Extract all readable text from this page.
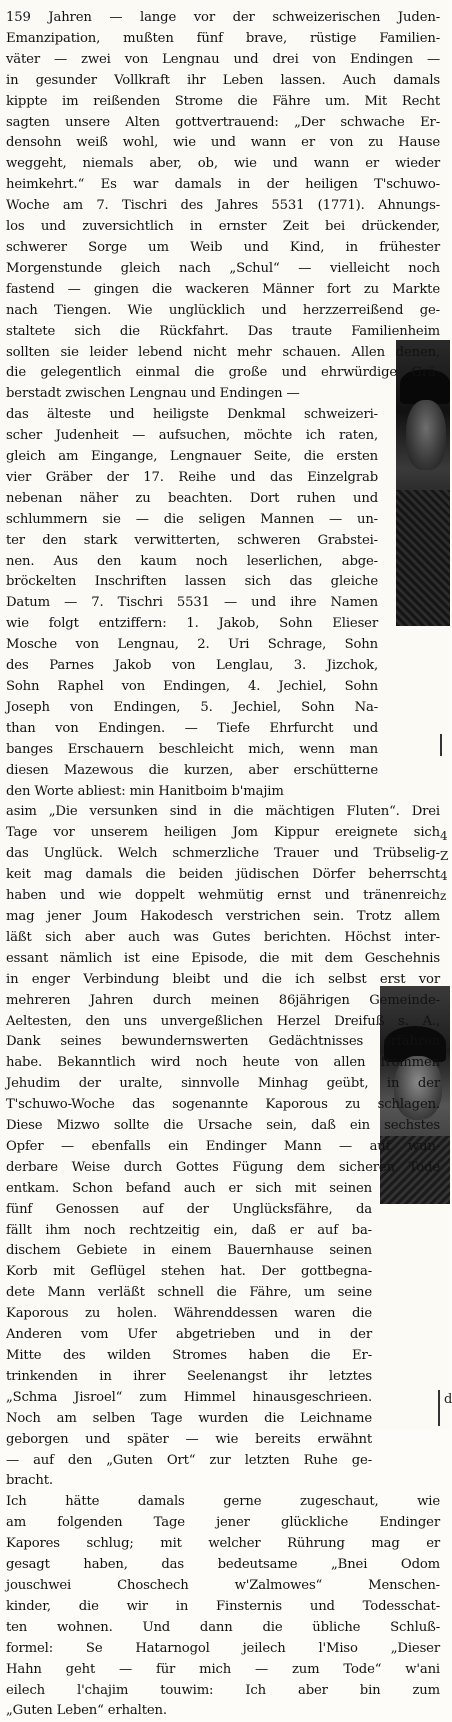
4
Z
4
z
d
159 Jahren — lange vor der schweizerischen Juden-
Emanzipation, mußten fünf brave, rüstige Familien-
väter — zwei von Lengnau und drei von Endingen —
in gesunder Vollkraft ihr Leben lassen. Auch damals
kippte im reißenden Strome die Fähre um. Mit Recht
sagten unsere Alten gottvertrauend: „Der schwache Er-
densohn weiß wohl, wie und wann er von zu Hause
weggeht, niemals aber, ob, wie und wann er wieder
heimkehrt.“ Es war damals in der heiligen T'schuwo-
Woche am 7. Tischri des Jahres 5531 (1771). Ahnungs-
los und zuversichtlich in ernster Zeit bei drückender,
schwerer Sorge um Weib und Kind, in frühester
Morgenstunde gleich nach „Schul“ — vielleicht noch
fastend — gingen die wackeren Männer fort zu Markte
nach Tiengen. Wie unglücklich und herzzerreißend ge-
staltete sich die Rückfahrt. Das traute Familienheim
sollten sie leider lebend nicht mehr schauen. Allen denen,
die gelegentlich einmal die große und ehrwürdige Grä-
berstadt zwischen Lengnau und Endingen —
das älteste und heiligste Denkmal schweizeri-
scher Judenheit — aufsuchen, möchte ich raten,
gleich am Eingange, Lengnauer Seite, die ersten
vier Gräber der 17. Reihe und das Einzelgrab
nebenan näher zu beachten. Dort ruhen und
schlummern sie — die seligen Mannen — un-
ter den stark verwitterten, schweren Grabstei-
nen. Aus den kaum noch leserlichen, abge-
bröckelten Inschriften lassen sich das gleiche
Datum — 7. Tischri 5531 — und ihre Namen
wie folgt entziffern: 1. Jakob, Sohn Elieser
Mosche von Lengnau, 2. Uri Schrage, Sohn
des Parnes Jakob von Lenglau, 3. Jizchok,
Sohn Raphel von Endingen, 4. Jechiel, Sohn
Joseph von Endingen, 5. Jechiel, Sohn Na-
than von Endingen. — Tiefe Ehrfurcht und
banges Erschauern beschleicht mich, wenn man
diesen Mazewous die kurzen, aber erschütterne
den Worte abliest: min Hanitboim b'majim
asim „Die versunken sind in die mächtigen Fluten“. Drei
Tage vor unserem heiligen Jom Kippur ereignete sich
das Unglück. Welch schmerzliche Trauer und Trübselig-
keit mag damals die beiden jüdischen Dörfer beherrscht
haben und wie doppelt wehmütig ernst und tränenreich
mag jener Joum Hakodesch verstrichen sein. Trotz allem
läßt sich aber auch was Gutes berichten. Höchst inter-
essant nämlich ist eine Episode, die mit dem Geschehnis
in enger Verbindung bleibt und die ich selbst erst vor
mehreren Jahren durch meinen 86jährigen Gemeinde-
Aeltesten, den uns unvergeßlichen Herzel Dreifuß s. A.,
Dank seines bewundernswerten Gedächtnisses erfahren
habe. Bekanntlich wird noch heute von allen frommen
Jehudim der uralte, sinnvolle Minhag geübt, in der
T'schuwo-Woche das sogenannte Kaporous zu schlagen.
Diese Mizwo sollte die Ursache sein, daß ein sechstes
Opfer — ebenfalls ein Endinger Mann — auf wun-
derbare Weise durch Gottes Fügung dem sicheren Tode
entkam. Schon befand auch er sich mit seinen
fünf Genossen auf der Unglücksfähre, da
fällt ihm noch rechtzeitig ein, daß er auf ba-
dischem Gebiete in einem Bauernhause seinen
Korb mit Geflügel stehen hat. Der gottbegna-
dete Mann verläßt schnell die Fähre, um seine
Kaporous zu holen. Währenddessen waren die
Anderen vom Ufer abgetrieben und in der
Mitte des wilden Stromes haben die Er-
trinkenden in ihrer Seelenangst ihr letztes
„Schma Jisroel“ zum Himmel hinausgeschrieen.
Noch am selben Tage wurden die Leichname
geborgen und später — wie bereits erwähnt
— auf den „Guten Ort“ zur letzten Ruhe ge-
bracht.
Ich hätte damals gerne zugeschaut, wie
am folgenden Tage jener glückliche Endinger
Kapores schlug; mit welcher Rührung mag er
gesagt haben, das bedeutsame „Bnei Odom
jouschwei Choschech w'Zalmowes“ Menschen-
kinder, die wir in Finsternis und Todesschat-
ten wohnen. Und dann die übliche Schluß-
formel: Se Hatarnogol jeilech l'Miso „Dieser
Hahn geht — für mich — zum Tode“ w'ani
eilech l'chajim touwim: Ich aber bin zum
„Guten Leben“ erhalten.
